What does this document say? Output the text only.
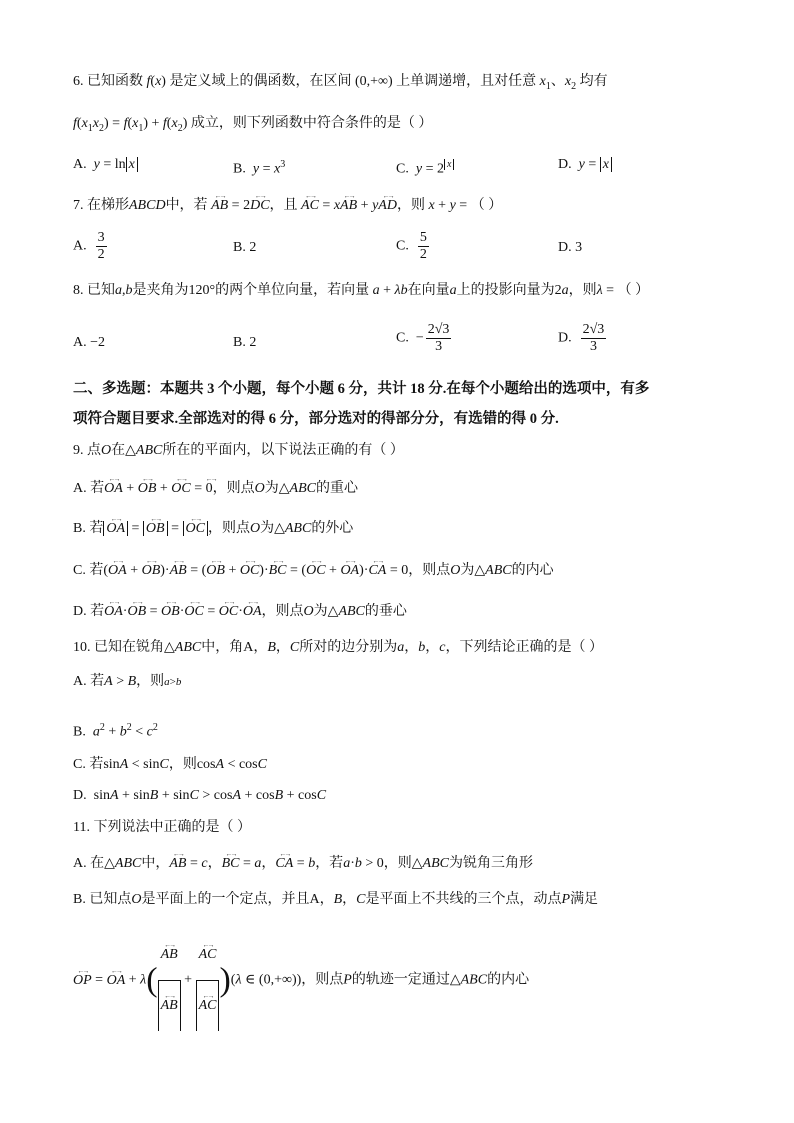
6. 已知函数 f(x) 是定义域上的偶函数，在区间 (0,+∞) 上单调递增，且对任意 $x_1$、$x_2$ 均有
$f(x_1x_2) = f(x_1) + f(x_2)$ 成立，则下列函数中符合条件的是（ ）
A. y = ln x	B. $y = x^3$	C. y = 2 $^x$	D. y = x
7. 在梯形ABCD中，若 ←→ AB = 2←→ DC，且 ←→ AC = x←→ AB + y←→ AD，则 x + y = （ ）
A. $\frac{3}{2}$	B. 2	C. $\frac{5}{2}$	D. 3
8. 已知a,b是夹角为120°的两个单位向量，若向量 a + λb在向量a上的投影向量为2a，则λ = （ ）
A. −2	B. 2	C.  − $\frac{2√3}{3}$	D. $\frac{2√3}{3}$
二、多选题：本题共 3 个小题，每个小题 6 分，共计 18 分.在每个小题给出的选项中，有多
项符合题目要求.全部选对的得 6 分，部分选对的得部分分，有选错的得 0 分.
9. 点O在△ABC所在的平面内，以下说法正确的有（ ）
A. 若←→ OA + ←→ OB + ←→ OC = ←→ 0，则点O为△ABC的重心
B. 若 ←→ OA = ←→ OB = ←→ OC ，则点O为△ABC的外心
C. 若(←→ OA + ←→ OB)·←→ AB = (←→ OB + ←→ OC)·←→ BC = (←→ OC + ←→ OA)·←→ CA = 0，则点O为△ABC的内心
D. 若←→ OA·←→ OB = ←→ OB·←→ OC = ←→ OC·←→ OA，则点O为△ABC的垂心
10. 已知在锐角△ABC中，角A，B，C所对的边分别为a，b，c，下列结论正确的是（ ）
A. 若A > B，则a>b
B. $a^2 + b^2 < c^2$
C. 若sinA < sinC，则cosA < cosC
D.  sinA + sinB + sinC > cosA + cosB + cosC
11. 下列说法中正确的是（ ）
A. 在△ABC中，←→ AB = c，←→ BC = a，←→ CA = b，若a·b > 0，则△ABC为锐角三角形
B. 已知点O是平面上的一个定点，并且A，B，C是平面上不共线的三个点，动点P满足
←→ OP = ←→ OA + λ( ←→ AB
←→ AB + ←→ AC
←→ AC )(λ ∈ (0,+∞))，则点P的轨迹一定通过△ABC的内心
